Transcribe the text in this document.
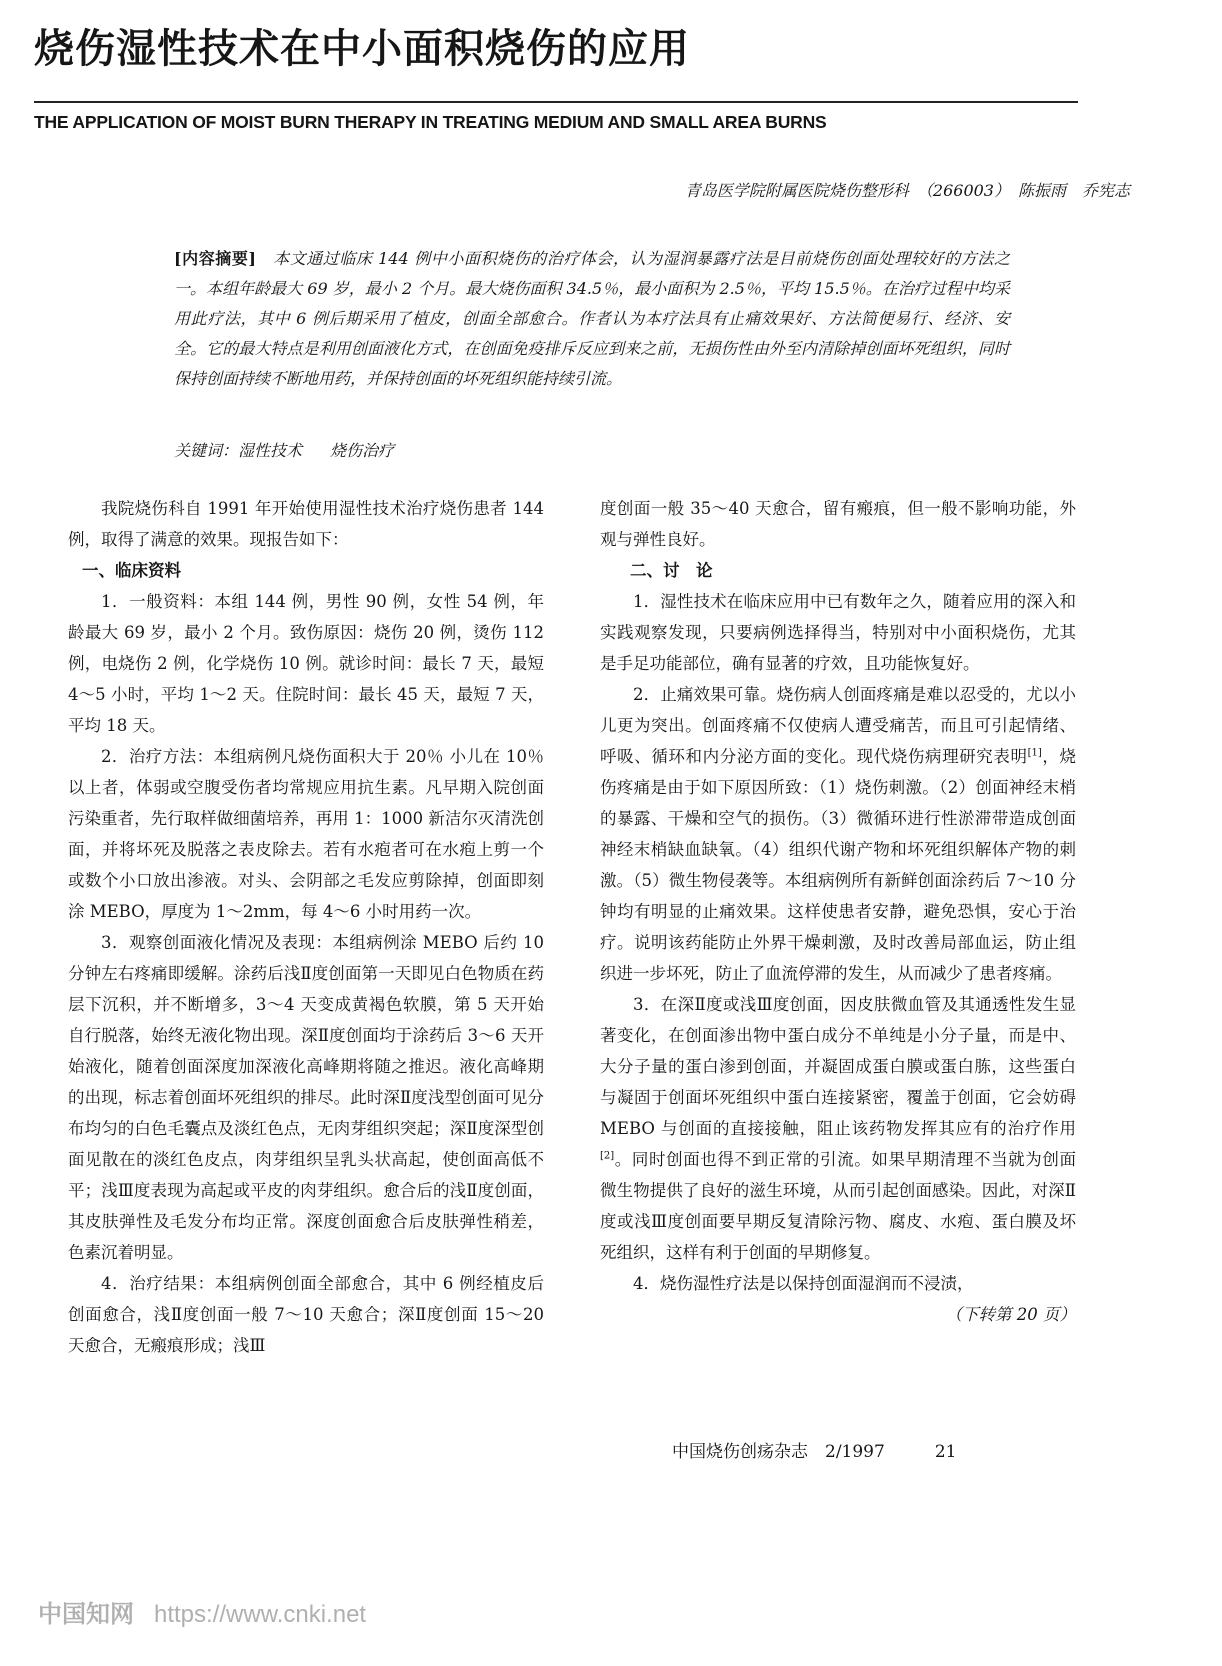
烧伤湿性技术在中小面积烧伤的应用
THE APPLICATION OF MOIST BURN THERAPY IN TREATING MEDIUM AND SMALL AREA BURNS
青岛医学院附属医院烧伤整形科　（266003）　陈振雨　乔宪志
[内容摘要]　本文通过临床 144 例中小面积烧伤的治疗体会，认为湿润暴露疗法是目前烧伤创面处理较好的方法之一。本组年龄最大 69 岁，最小 2 个月。最大烧伤面积 34.5％，最小面积为 2.5％，平均 15.5％。在治疗过程中均采用此疗法，其中 6 例后期采用了植皮，创面全部愈合。作者认为本疗法具有止痛效果好、方法简便易行、经济、安全。它的最大特点是利用创面液化方式，在创面免疫排斥反应到来之前，无损伤性由外至内清除掉创面坏死组织，同时保持创面持续不断地用药，并保持创面的坏死组织能持续引流。
关键词：湿性技术 烧伤治疗

我院烧伤科自 1991 年开始使用湿性技术治疗烧伤患者 144 例，取得了满意的效果。现报告如下：

一、临床资料

1．一般资料：本组 144 例，男性 90 例，女性 54 例，年龄最大 69 岁，最小 2 个月。致伤原因：烧伤 20 例，烫伤 112 例，电烧伤 2 例，化学烧伤 10 例。就诊时间：最长 7 天，最短 4～5 小时，平均 1～2 天。住院时间：最长 45 天，最短 7 天，平均 18 天。

2．治疗方法：本组病例凡烧伤面积大于 20％ 小儿在 10％以上者，体弱或空腹受伤者均常规应用抗生素。凡早期入院创面污染重者，先行取样做细菌培养，再用 1：1000 新洁尔灭清洗创面，并将坏死及脱落之表皮除去。若有水疱者可在水疱上剪一个或数个小口放出渗液。对头、会阴部之毛发应剪除掉，创面即刻涂 MEBO，厚度为 1～2mm，每 4～6 小时用药一次。

3．观察创面液化情况及表现：本组病例涂 MEBO 后约 10 分钟左右疼痛即缓解。涂药后浅Ⅱ度创面第一天即见白色物质在药层下沉积，并不断增多，3～4 天变成黄褐色软膜，第 5 天开始自行脱落，始终无液化物出现。深Ⅱ度创面均于涂药后 3～6 天开始液化，随着创面深度加深液化高峰期将随之推迟。液化高峰期的出现，标志着创面坏死组织的排尽。此时深Ⅱ度浅型创面可见分布均匀的白色毛囊点及淡红色点，无肉芽组织突起；深Ⅱ度深型创面见散在的淡红色皮点，肉芽组织呈乳头状高起，使创面高低不平；浅Ⅲ度表现为高起或平皮的肉芽组织。愈合后的浅Ⅱ度创面，其皮肤弹性及毛发分布均正常。深度创面愈合后皮肤弹性稍差，色素沉着明显。

4．治疗结果：本组病例创面全部愈合，其中 6 例经植皮后创面愈合，浅Ⅱ度创面一般 7～10 天愈合；深Ⅱ度创面 15～20 天愈合，无瘢痕形成；浅Ⅲ

度创面一般 35～40 天愈合，留有瘢痕，但一般不影响功能，外观与弹性良好。

二、讨　论

1．湿性技术在临床应用中已有数年之久，随着应用的深入和实践观察发现，只要病例选择得当，特别对中小面积烧伤，尤其是手足功能部位，确有显著的疗效，且功能恢复好。

2．止痛效果可靠。烧伤病人创面疼痛是难以忍受的，尤以小儿更为突出。创面疼痛不仅使病人遭受痛苦，而且可引起情绪、呼吸、循环和内分泌方面的变化。现代烧伤病理研究表明[1]，烧伤疼痛是由于如下原因所致：（1）烧伤刺激。（2）创面神经末梢的暴露、干燥和空气的损伤。（3）微循环进行性淤滞带造成创面神经末梢缺血缺氧。（4）组织代谢产物和坏死组织解体产物的刺激。（5）微生物侵袭等。本组病例所有新鲜创面涂药后 7～10 分钟均有明显的止痛效果。这样使患者安静，避免恐惧，安心于治疗。说明该药能防止外界干燥刺激，及时改善局部血运，防止组织进一步坏死，防止了血流停滞的发生，从而减少了患者疼痛。

3．在深Ⅱ度或浅Ⅲ度创面，因皮肤微血管及其通透性发生显著变化，在创面渗出物中蛋白成分不单纯是小分子量，而是中、大分子量的蛋白渗到创面，并凝固成蛋白膜或蛋白胨，这些蛋白与凝固于创面坏死组织中蛋白连接紧密，覆盖于创面，它会妨碍 MEBO 与创面的直接接触，阻止该药物发挥其应有的治疗作用[2]。同时创面也得不到正常的引流。如果早期清理不当就为创面微生物提供了良好的滋生环境，从而引起创面感染。因此，对深Ⅱ度或浅Ⅲ度创面要早期反复清除污物、腐皮、水疱、蛋白膜及坏死组织，这样有利于创面的早期修复。

4．烧伤湿性疗法是以保持创面湿润而不浸渍，

（下转第 20 页）

中国烧伤创疡杂志　2/1997	21
中国知网 https://www.cnki.net
